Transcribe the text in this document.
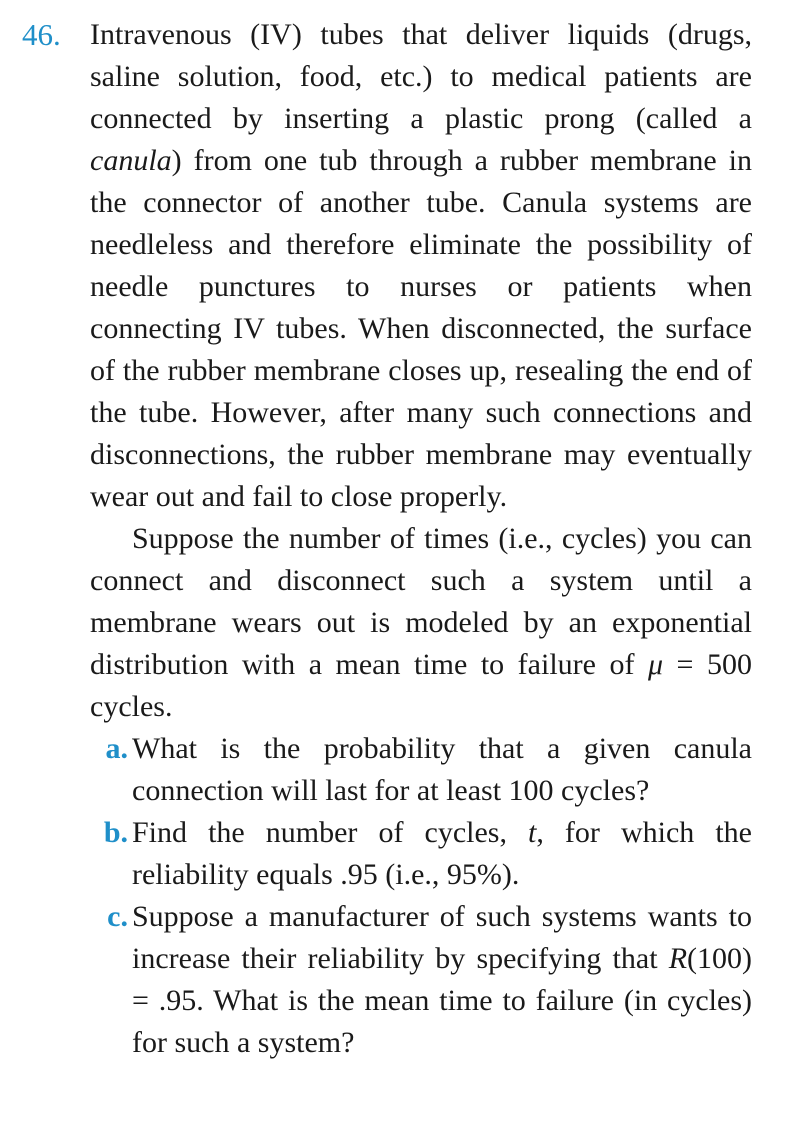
46. Intravenous (IV) tubes that deliver liquids (drugs, saline solution, food, etc.) to medical patients are connected by inserting a plastic prong (called a canula) from one tub through a rubber membrane in the connector of another tube. Canula systems are needleless and therefore eliminate the possibility of needle punctures to nurses or patients when connecting IV tubes. When disconnected, the surface of the rubber membrane closes up, resealing the end of the tube. However, after many such connections and disconnections, the rubber membrane may eventually wear out and fail to close properly.

Suppose the number of times (i.e., cycles) you can connect and disconnect such a system until a membrane wears out is modeled by an exponential distribution with a mean time to failure of μ = 500 cycles.

a. What is the probability that a given canula connection will last for at least 100 cycles?
b. Find the number of cycles, t, for which the reliability equals .95 (i.e., 95%).
c. Suppose a manufacturer of such systems wants to increase their reliability by specifying that R(100) = .95. What is the mean time to failure (in cycles) for such a system?
